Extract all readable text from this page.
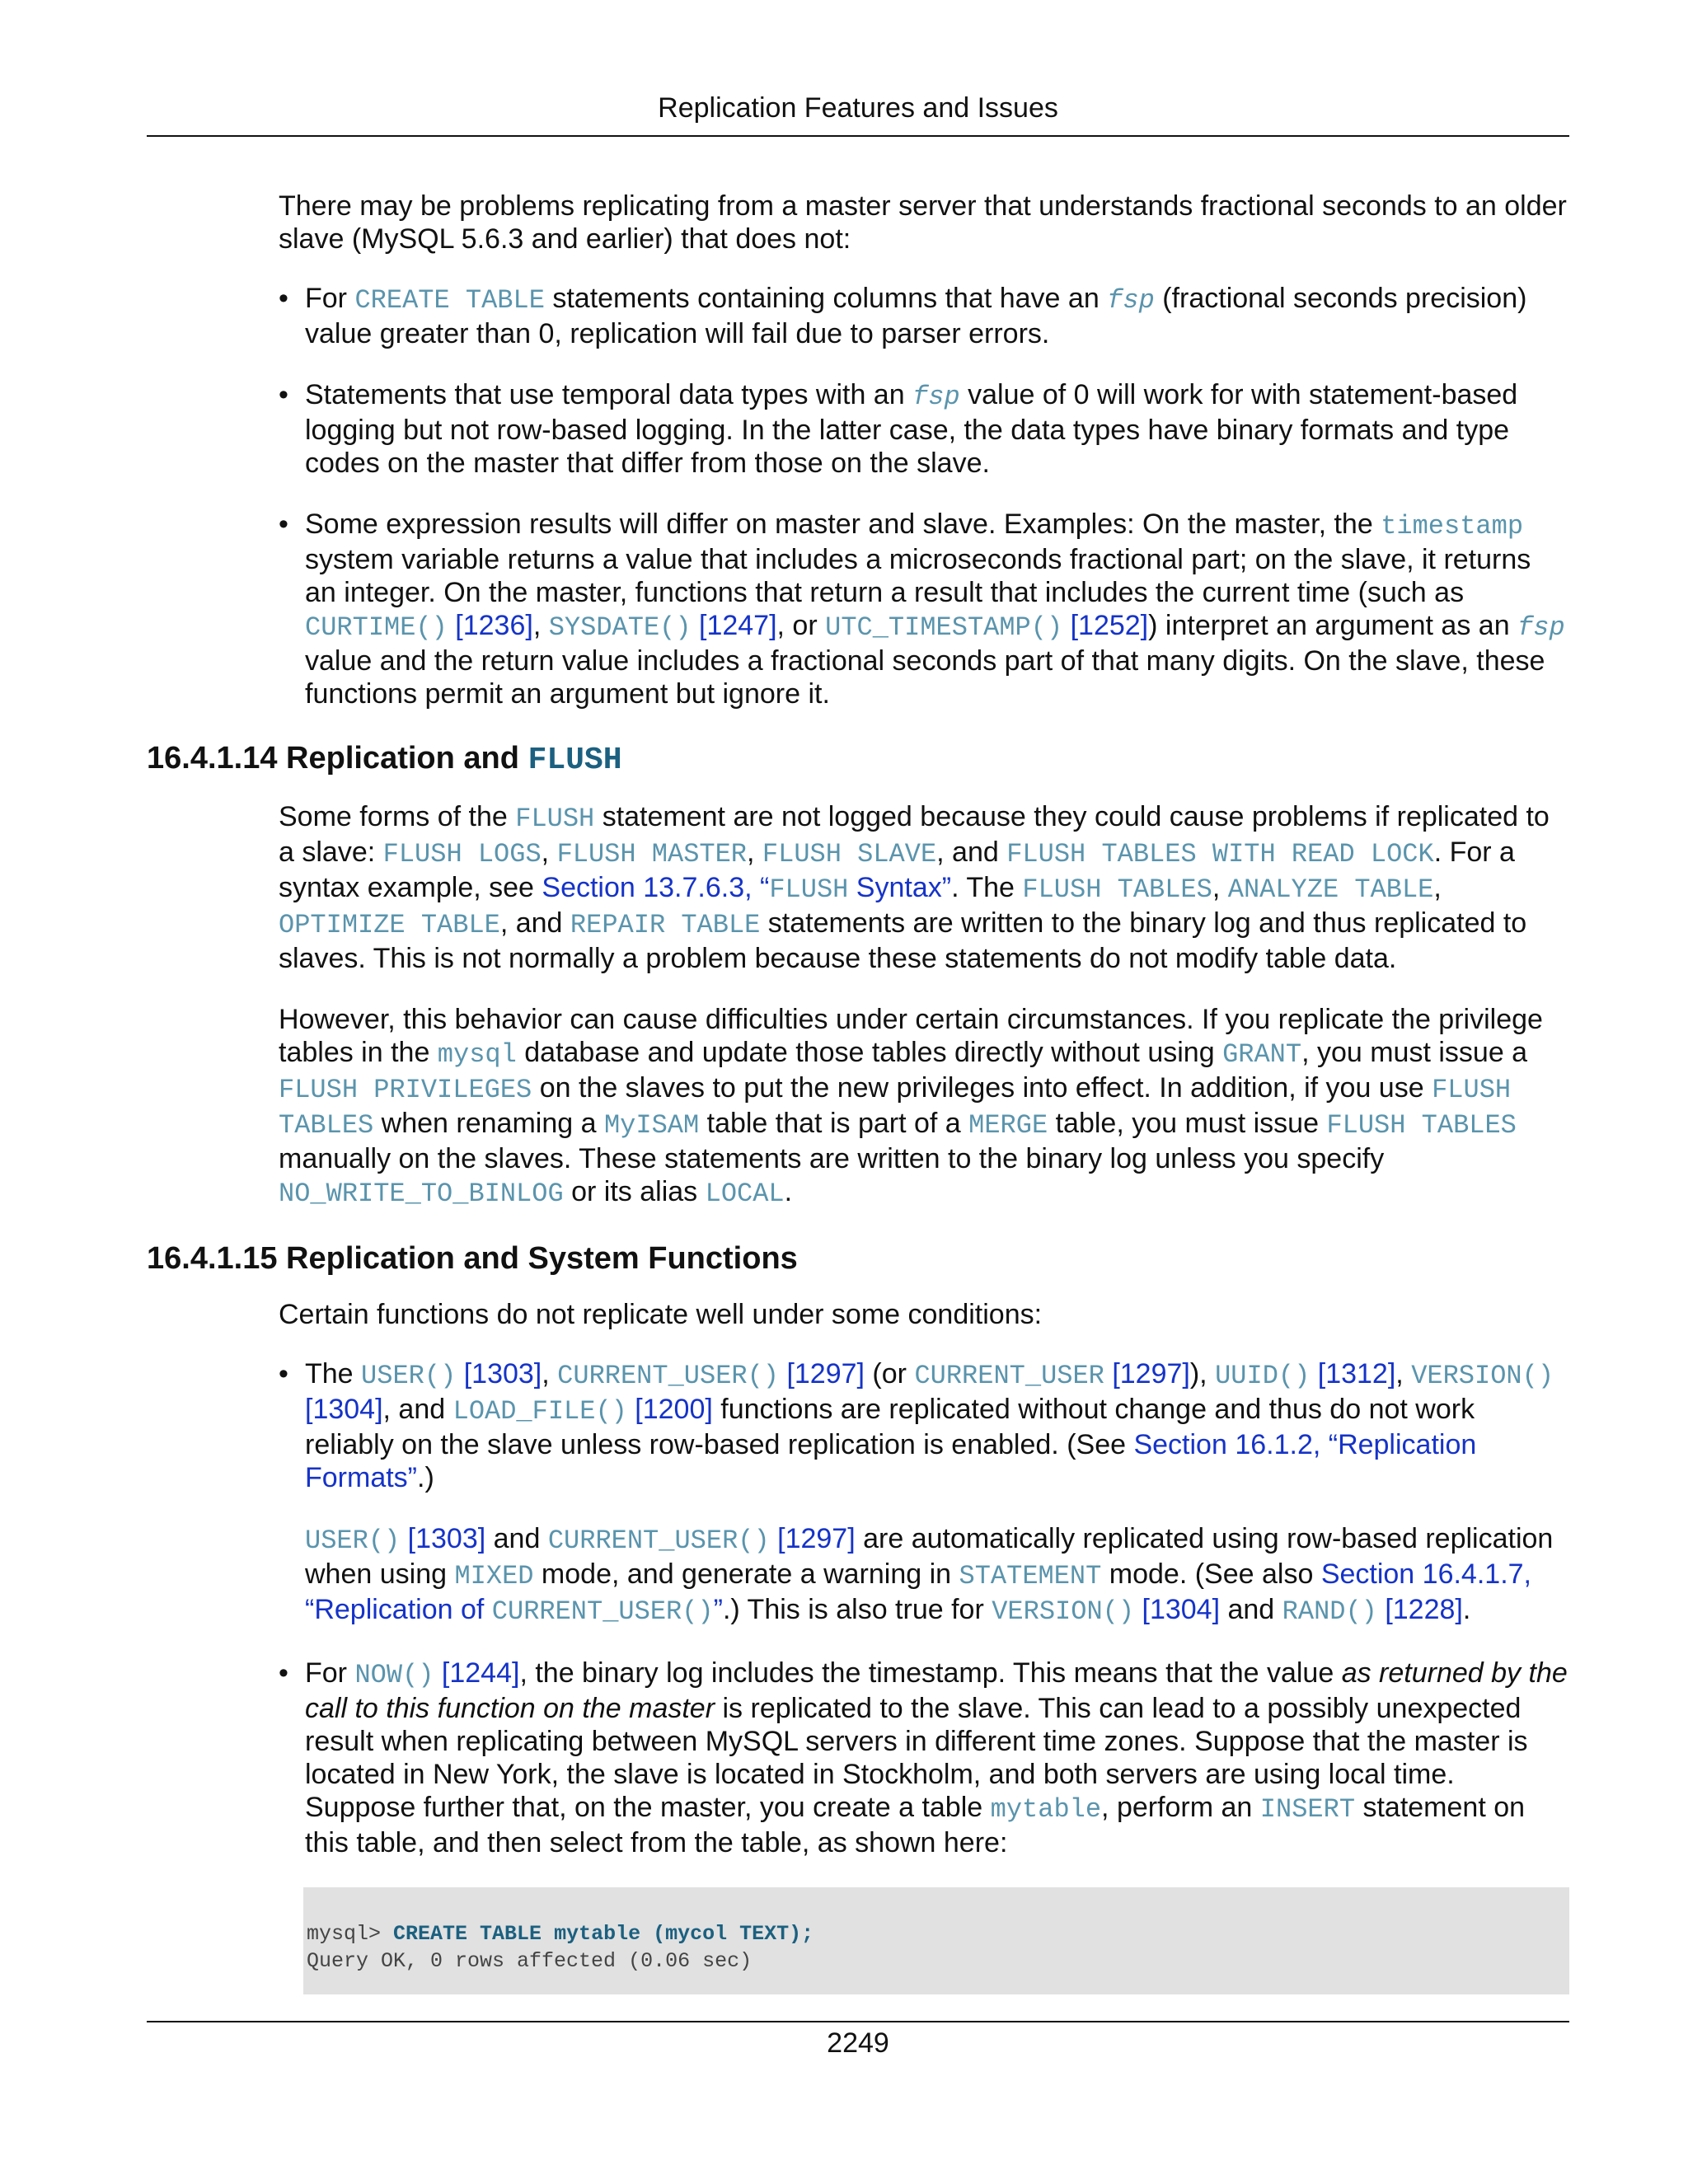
Replication Features and Issues

There may be problems replicating from a master server that understands fractional seconds to an older slave (MySQL 5.6.3 and earlier) that does not:

• For CREATE TABLE statements containing columns that have an fsp (fractional seconds precision) value greater than 0, replication will fail due to parser errors.
• Statements that use temporal data types with an fsp value of 0 will work for with statement-based logging but not row-based logging. In the latter case, the data types have binary formats and type codes on the master that differ from those on the slave.
• Some expression results will differ on master and slave. Examples: On the master, the timestamp system variable returns a value that includes a microseconds fractional part; on the slave, it returns an integer. On the master, functions that return a result that includes the current time (such as CURTIME() [1236], SYSDATE() [1247], or UTC_TIMESTAMP() [1252]) interpret an argument as an fsp value and the return value includes a fractional seconds part of that many digits. On the slave, these functions permit an argument but ignore it.
16.4.1.14 Replication and FLUSH

Some forms of the FLUSH statement are not logged because they could cause problems if replicated to a slave: FLUSH LOGS, FLUSH MASTER, FLUSH SLAVE, and FLUSH TABLES WITH READ LOCK. For a syntax example, see Section 13.7.6.3, “FLUSH Syntax”. The FLUSH TABLES, ANALYZE TABLE, OPTIMIZE TABLE, and REPAIR TABLE statements are written to the binary log and thus replicated to slaves. This is not normally a problem because these statements do not modify table data.

However, this behavior can cause difficulties under certain circumstances. If you replicate the privilege tables in the mysql database and update those tables directly without using GRANT, you must issue a FLUSH PRIVILEGES on the slaves to put the new privileges into effect. In addition, if you use FLUSH TABLES when renaming a MyISAM table that is part of a MERGE table, you must issue FLUSH TABLES manually on the slaves. These statements are written to the binary log unless you specify NO_WRITE_TO_BINLOG or its alias LOCAL.

16.4.1.15 Replication and System Functions

Certain functions do not replicate well under some conditions:

• The USER() [1303], CURRENT_USER() [1297] (or CURRENT_USER [1297]), UUID() [1312], VERSION() [1304], and LOAD_FILE() [1200] functions are replicated without change and thus do not work reliably on the slave unless row-based replication is enabled. (See Section 16.1.2, “Replication Formats”.)

USER() [1303] and CURRENT_USER() [1297] are automatically replicated using row-based replication when using MIXED mode, and generate a warning in STATEMENT mode. (See also Section 16.4.1.7, “Replication of CURRENT_USER()”.) This is also true for VERSION() [1304] and RAND() [1228].

• For NOW() [1244], the binary log includes the timestamp. This means that the value as returned by the call to this function on the master is replicated to the slave. This can lead to a possibly unexpected result when replicating between MySQL servers in different time zones. Suppose that the master is located in New York, the slave is located in Stockholm, and both servers are using local time. Suppose further that, on the master, you create a table mytable, perform an INSERT statement on this table, and then select from the table, as shown here:
mysql> CREATE TABLE mytable (mycol TEXT);
Query OK, 0 rows affected (0.06 sec)
2249
